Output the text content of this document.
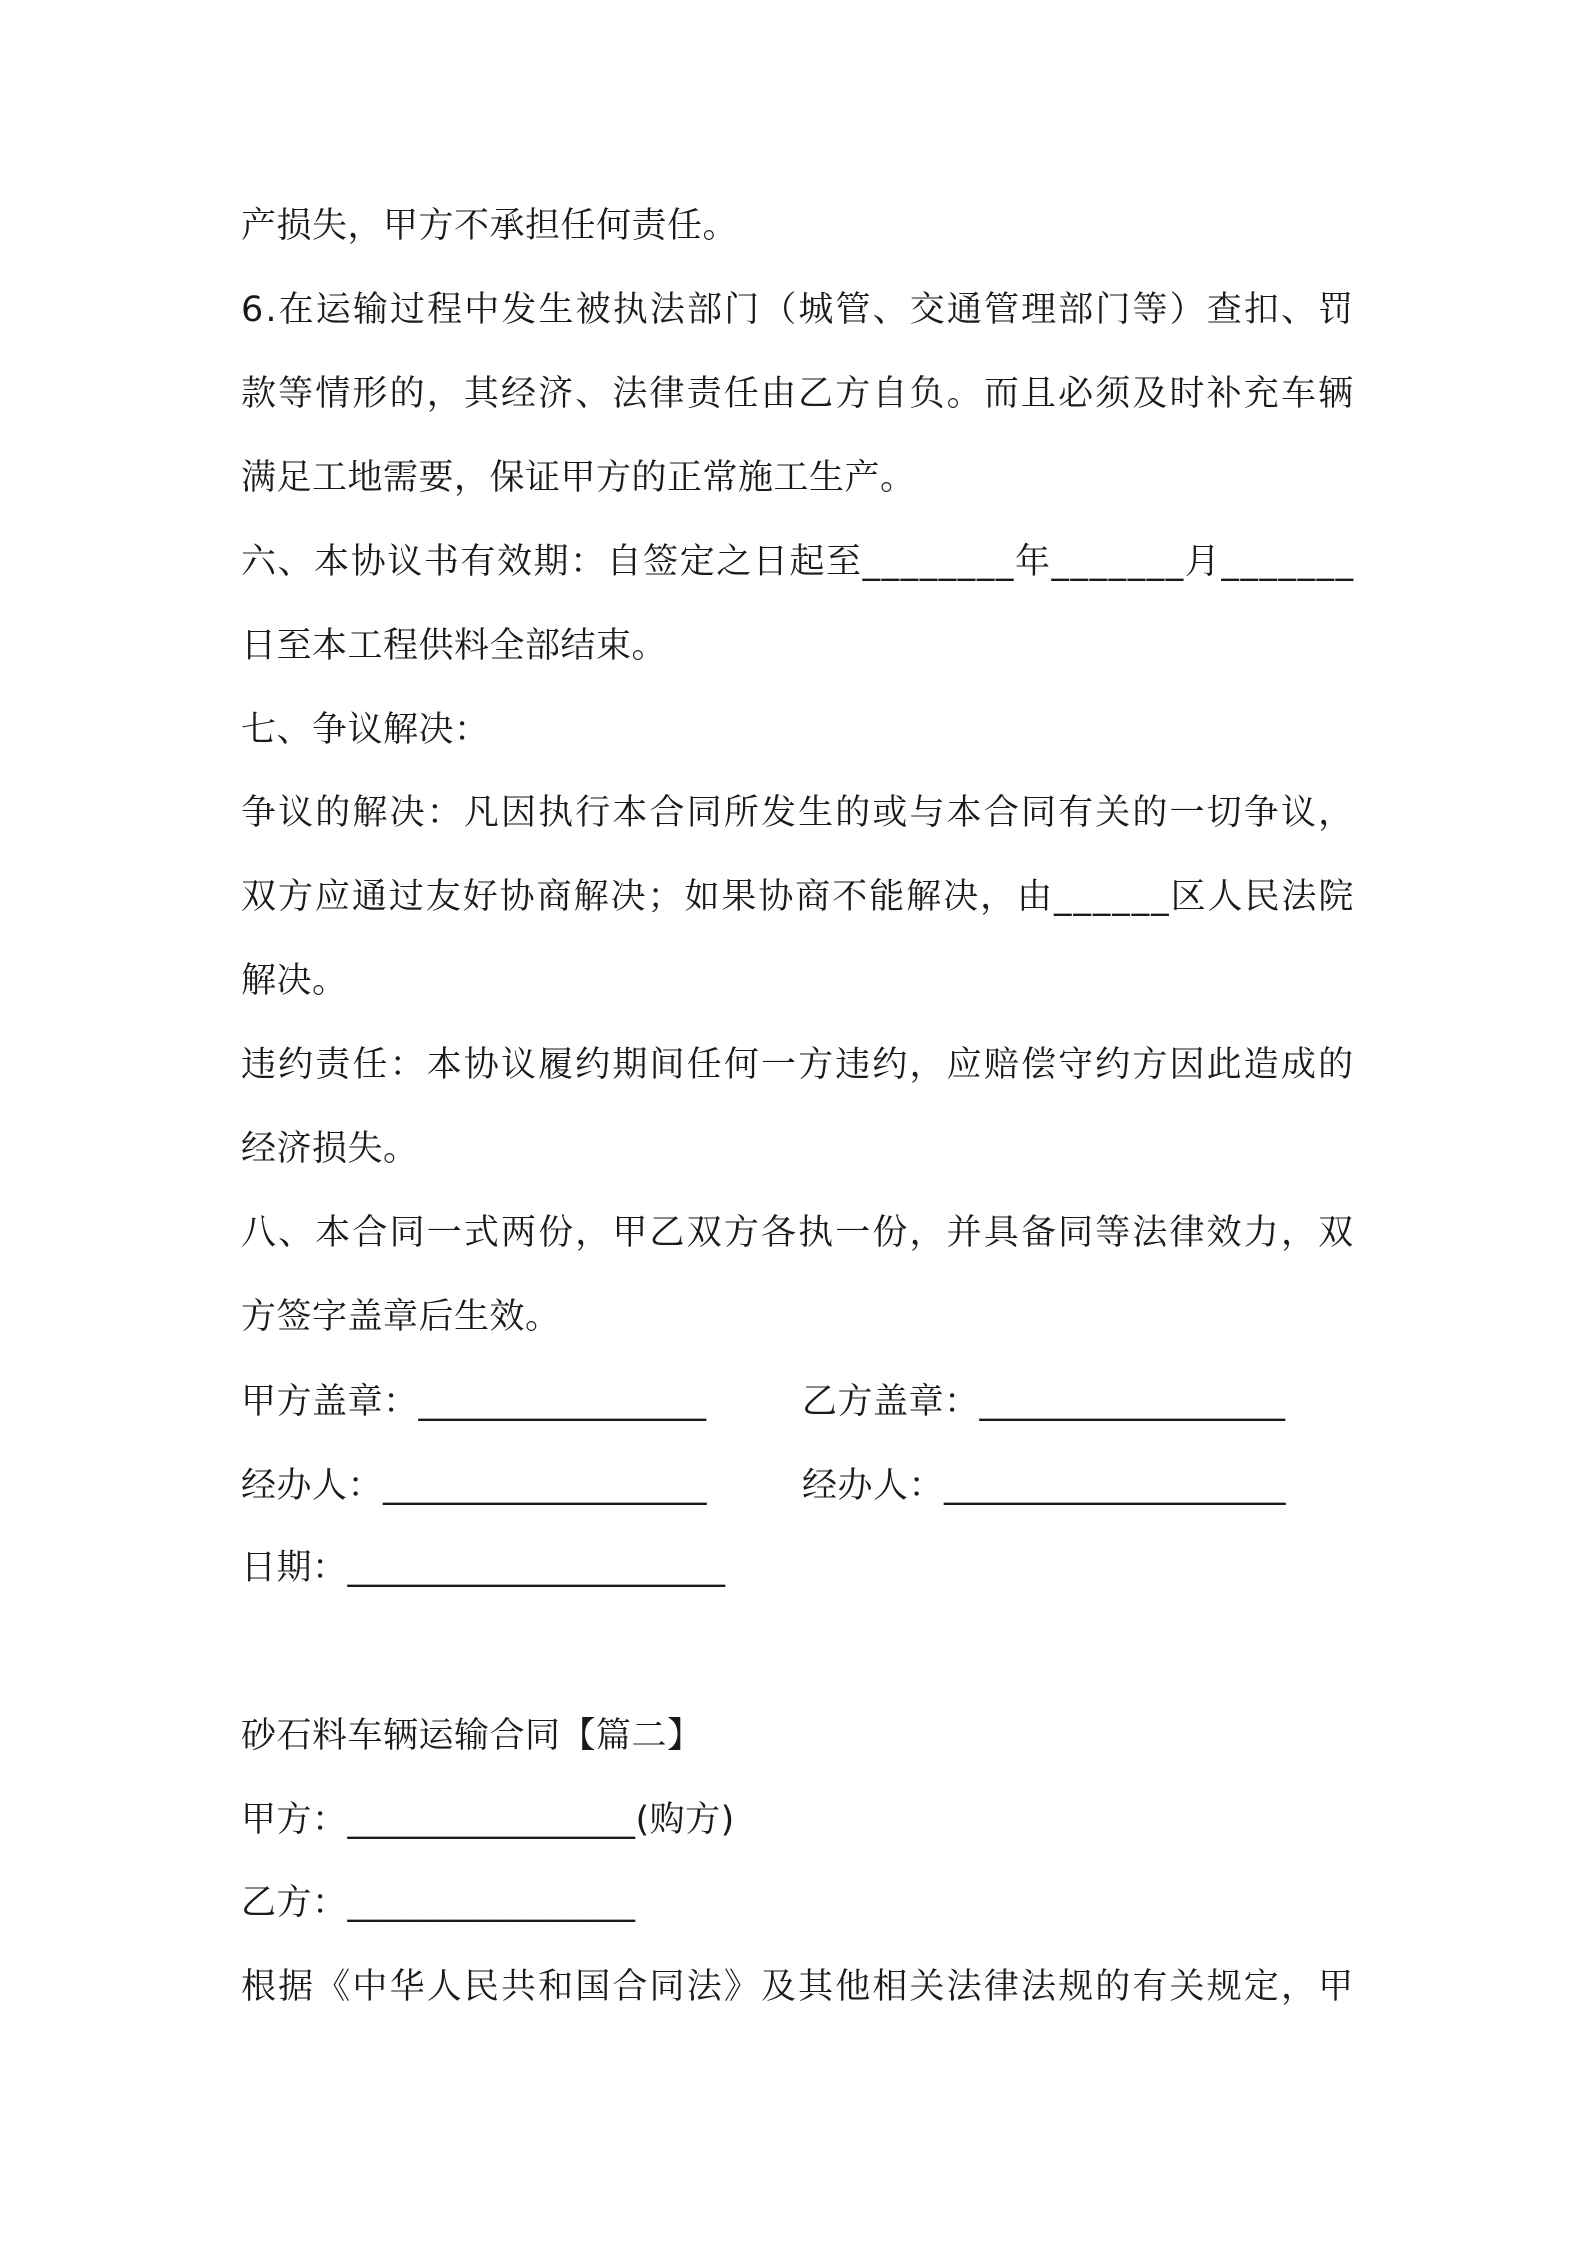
产损失，甲方不承担任何责任。
6 . 在 运 输 过 程 中 发 生 被 执 法 部 门 （ 城 管 、 交 通 管 理 部 门 等 ） 查 扣 、 罚
款 等 情 形 的 ， 其 经 济 、 法 律 责 任 由 乙 方 自 负 。 而 且 必 须 及 时 补 充 车 辆
满足工地需要，保证甲方的正常施工生产。
六 、 本 协 议 书 有 效 期 ： 自 签 定 之 日 起 至 _ _ _ _ _ _ _ _ 年 _ _ _ _ _ _ _ 月 _ _ _ _ _ _ _
日至本工程供料全部结束。
七、争议解决：
争 议 的 解 决 ： 凡 因 执 行 本 合 同 所 发 生 的 或 与 本 合 同 有 关 的 一 切 争 议 ，
双 方 应 通 过 友 好 协 商 解 决 ； 如 果 协 商 不 能 解 决 ， 由 _ _ _ _ _ _ 区 人 民 法 院
解决。
违 约 责 任 ： 本 协 议 履 约 期 间 任 何 一 方 违 约 ， 应 赔 偿 守 约 方 因 此 造 成 的
经济损失。
八 、 本 合 同 一 式 两 份 ， 甲 乙 双 方 各 执 一 份 ， 并 具 备 同 等 法 律 效 力 ， 双
方签字盖章后生效。
甲方盖章：________________	乙方盖章：_________________
经办人：__________________	经办人：___________________
日期：_____________________
砂石料车辆运输合同【篇二】
甲方：________________(购方)
乙方：________________
根 据 《 中 华 人 民 共 和 国 合 同 法 》 及 其 他 相 关 法 律 法 规 的 有 关 规 定 ， 甲
